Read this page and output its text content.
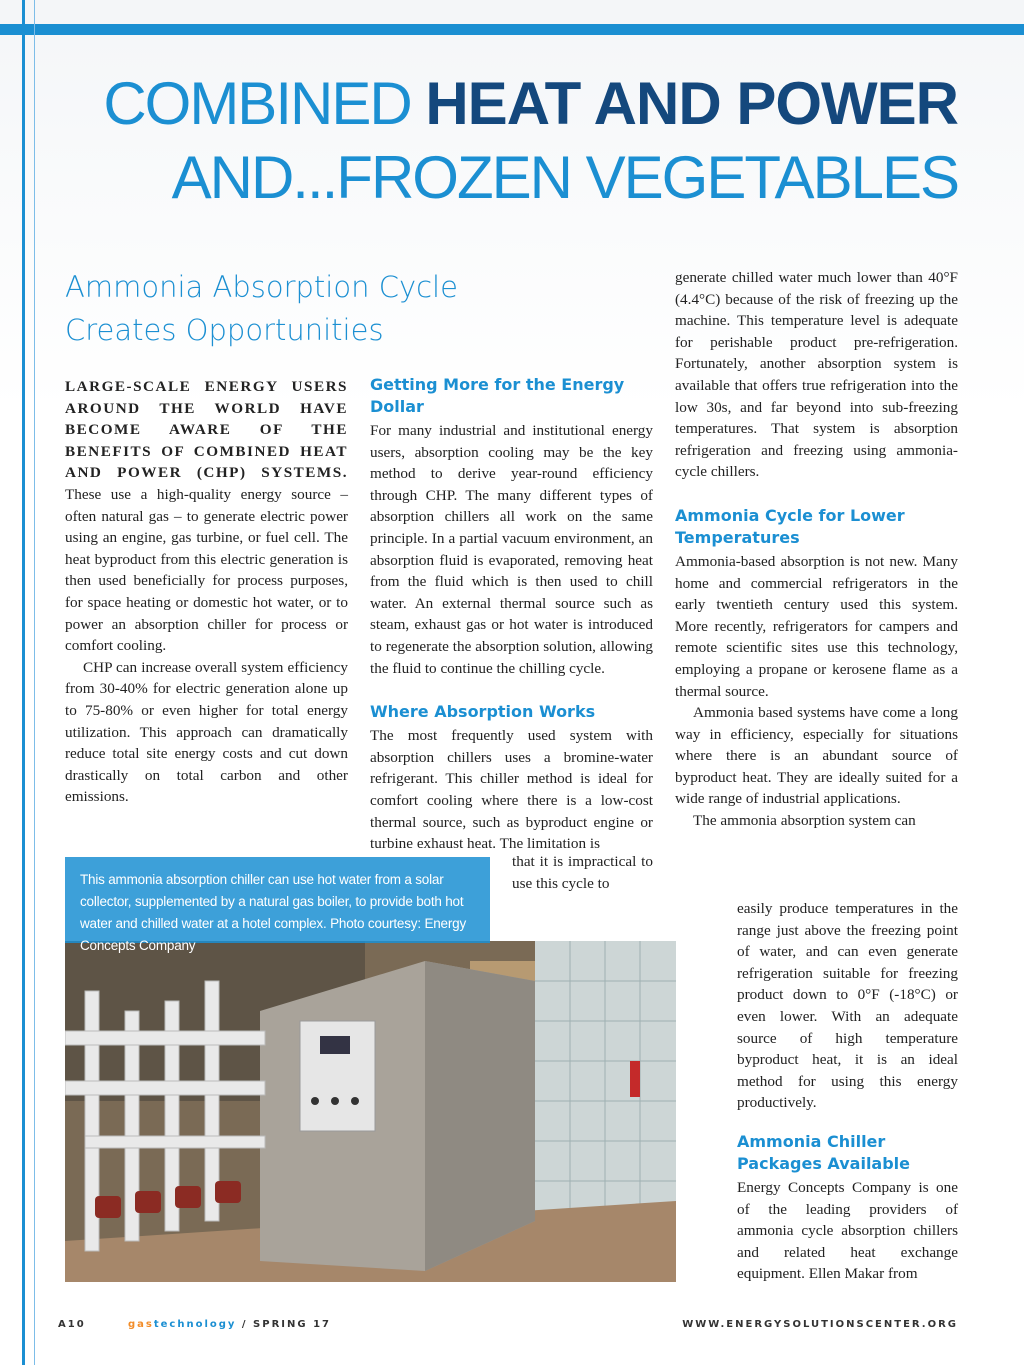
COMBINED HEAT AND POWER
AND...FROZEN VEGETABLES
Ammonia Absorption Cycle
Creates Opportunities

LARGE-SCALE ENERGY USERS AROUND THE WORLD HAVE BECOME AWARE OF THE BENEFITS OF COMBINED HEAT AND POWER (CHP) SYSTEMS. These use a high-quality energy source – often natural gas – to generate electric power using an engine, gas turbine, or fuel cell. The heat byproduct from this electric generation is then used beneficially for process purposes, for space heating or domestic hot water, or to power an absorption chiller for process or comfort cooling.

CHP can increase overall system efficiency from 30-40% for electric generation alone up to 75-80% or even higher for total energy utilization. This approach can dramatically reduce total site energy costs and cut down drastically on total carbon and other emissions.

Getting More for the Energy Dollar

For many industrial and institutional energy users, absorption cooling may be the key method to derive year-round efficiency through CHP. The many different types of absorption chillers all work on the same principle. In a partial vacuum environment, an absorption fluid is evaporated, removing heat from the fluid which is then used to chill water. An external thermal source such as steam, exhaust gas or hot water is introduced to regenerate the absorption solution, allowing the fluid to continue the chilling cycle.

Where Absorption Works

The most frequently used system with absorption chillers uses a bromine-water refrigerant. This chiller method is ideal for comfort cooling where there is a low-cost thermal source, such as byproduct engine or turbine exhaust heat. The limitation is

that it is impractical to use this cycle to

generate chilled water much lower than 40°F (4.4°C) because of the risk of freezing up the machine. This temperature level is adequate for perishable product pre-refrigeration. Fortunately, another absorption system is available that offers true refrigeration into the low 30s, and far beyond into sub-freezing temperatures. That system is absorption refrigeration and freezing using ammonia-cycle chillers.

Ammonia Cycle for Lower Temperatures

Ammonia-based absorption is not new. Many home and commercial refrigerators in the early twentieth century used this system. More recently, refrigerators for campers and remote scientific sites use this technology, employing a propane or kerosene flame as a thermal source.

Ammonia based systems have come a long way in efficiency, especially for situations where there is an abundant source of byproduct heat. They are ideally suited for a wide range of industrial applications.

The ammonia absorption system can

easily produce temperatures in the range just above the freezing point of water, and can even generate refrigeration suitable for freezing product down to 0°F (-18°C) or even lower. With an adequate source of high temperature byproduct heat, it is an ideal method for using this energy productively.

Ammonia Chiller Packages Available

Energy Concepts Company is one of the leading providers of ammonia cycle absorption chillers and related heat exchange equipment. Ellen Makar from

This ammonia absorption chiller can use hot water from a solar collector, supplemented by a natural gas boiler, to provide both hot water and chilled water at a hotel complex. Photo courtesy: Energy Concepts Company
A10	gastechnology / SPRING 17	WWW.ENERGYSOLUTIONSCENTER.ORG
